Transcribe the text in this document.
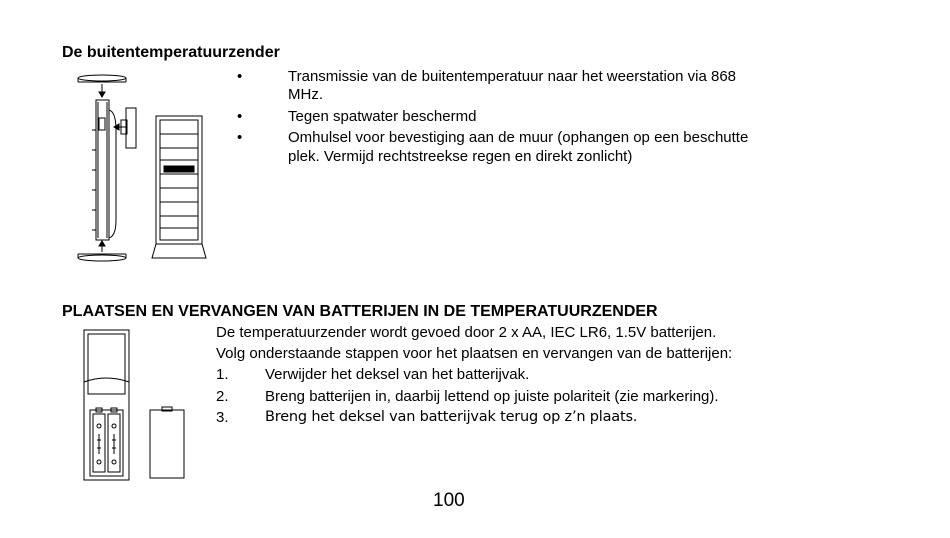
De buitentemperatuurzender
•	Transmissie van de buitentemperatuur naar het weerstation via 868
MHz.
•	Tegen spatwater beschermd
•	Omhulsel voor bevestiging aan de muur (ophangen op een beschutte
plek. Vermijd rechtstreekse regen en direkt zonlicht)
PLAATSEN EN VERVANGEN VAN BATTERIJEN IN DE TEMPERATUURZENDER
De temperatuurzender wordt gevoed door 2 x AA, IEC LR6, 1.5V batterijen.
Volg onderstaande stappen voor het plaatsen en vervangen van de batterijen:
1. Verwijder het deksel van het batterijvak.
2. Breng batterijen in, daarbij lettend op juiste polariteit (zie markering).
3.	Breng het deksel van batterijvak terug op z’n plaats.
100
